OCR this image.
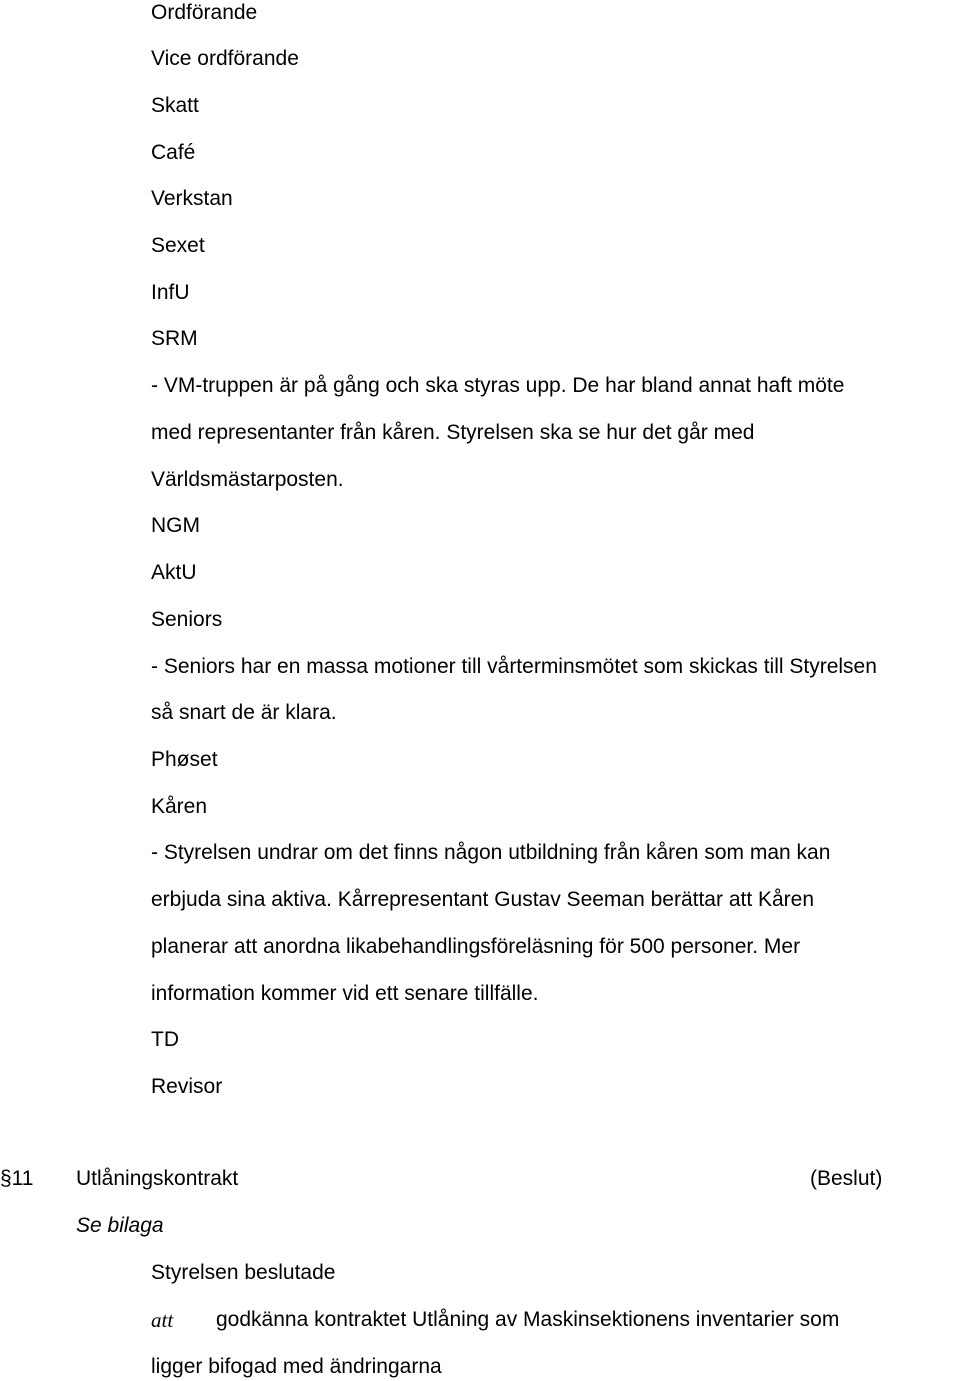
Ordförande
Vice ordförande
Skatt
Café
Verkstan
Sexet
InfU
SRM
- VM-truppen är på gång och ska styras upp. De har bland annat haft möte
med representanter från kåren. Styrelsen ska se hur det går med
Världsmästarposten.
NGM
AktU
Seniors
- Seniors har en massa motioner till vårterminsmötet som skickas till Styrelsen
så snart de är klara.
Phøset
Kåren
- Styrelsen undrar om det finns någon utbildning från kåren som man kan
erbjuda sina aktiva. Kårrepresentant Gustav Seeman berättar att Kåren
planerar att anordna likabehandlingsföreläsning för 500 personer. Mer
information kommer vid ett senare tillfälle.
TD
Revisor
§11 Utlåningskontrakt	(Beslut)
Se bilaga
Styrelsen beslutade
att godkänna kontraktet Utlåning av Maskinsektionens inventarier som
ligger bifogad med ändringarna
